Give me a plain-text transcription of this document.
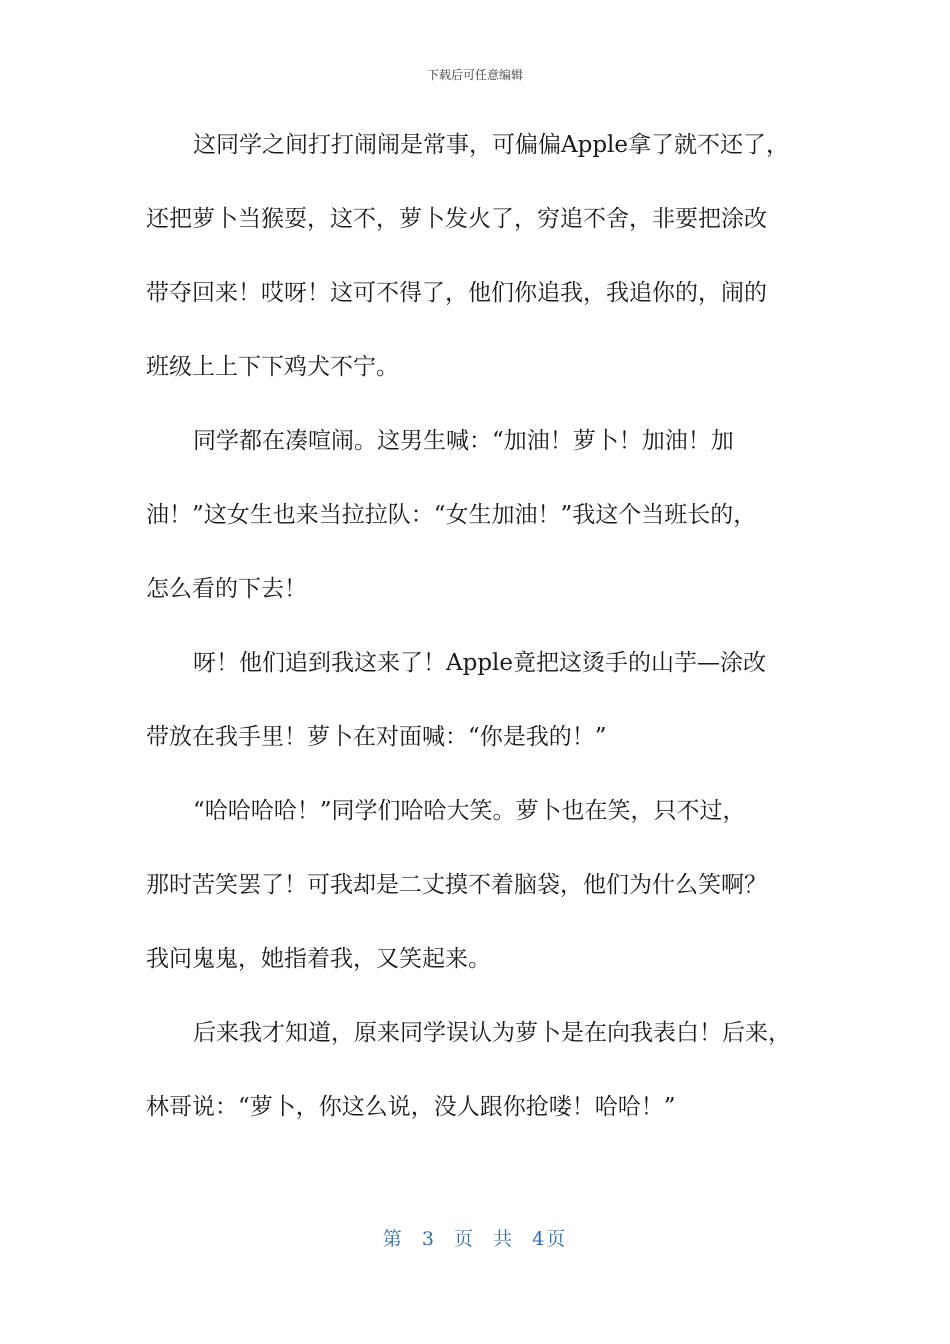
下载后可任意编辑
这同学之间打打闹闹是常事，可偏偏Apple拿了就不还了，
还把萝卜当猴耍，这不，萝卜发火了，穷追不舍，非要把涂改
带夺回来！哎呀！这可不得了，他们你追我，我追你的，闹的
班级上上下下鸡犬不宁。
同学都在凑喧闹。这男生喊：“加油！萝卜！加油！加
油！”这女生也来当拉拉队：“女生加油！”我这个当班长的，
怎么看的下去！
呀！他们追到我这来了！Apple竟把这烫手的山芋—涂改
带放在我手里！萝卜在对面喊：“你是我的！”
“哈哈哈哈！”同学们哈哈大笑。萝卜也在笑，只不过，
那时苦笑罢了！可我却是二丈摸不着脑袋，他们为什么笑啊？
我问鬼鬼，她指着我，又笑起来。
后来我才知道，原来同学误认为萝卜是在向我表白！后来，
林哥说：“萝卜，你这么说，没人跟你抢喽！哈哈！”
第 3 页 共 4页
